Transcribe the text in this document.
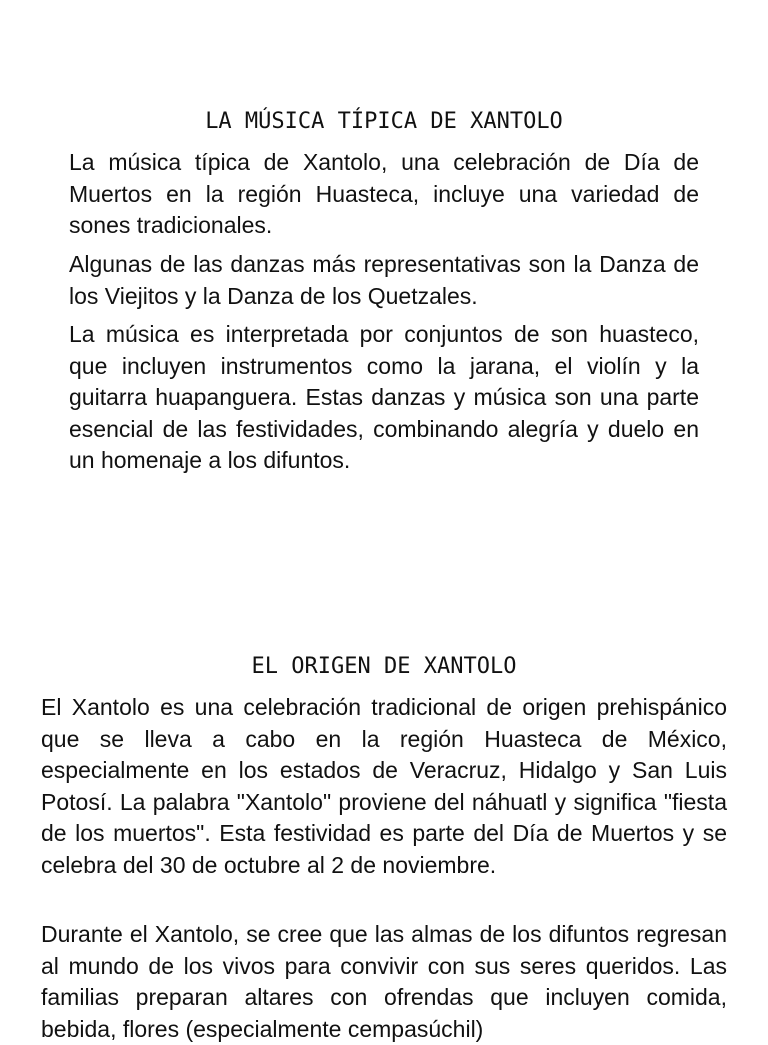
LA MÚSICA TÍPICA DE XANTOLO

La música típica de Xantolo, una celebración de Día de Muertos en la región Huasteca, incluye una variedad de sones tradicionales.

Algunas de las danzas más representativas son la Danza de los Viejitos y la Danza de los Quetzales.

La música es interpretada por conjuntos de son huasteco, que incluyen instrumentos como la jarana, el violín y la guitarra huapanguera. Estas danzas y música son una parte esencial de las festividades, combinando alegría y duelo en un homenaje a los difuntos.

EL ORIGEN DE XANTOLO

El Xantolo es una celebración tradicional de origen prehispánico que se lleva a cabo en la región Huasteca de México, especialmente en los estados de Veracruz, Hidalgo y San Luis Potosí. La palabra "Xantolo" proviene del náhuatl y significa "fiesta de los muertos". Esta festividad es parte del Día de Muertos y se celebra del 30 de octubre al 2 de noviembre.

Durante el Xantolo, se cree que las almas de los difuntos regresan al mundo de los vivos para convivir con sus seres queridos. Las familias preparan altares con ofrendas que incluyen comida, bebida, flores (especialmente cempasúchil)
